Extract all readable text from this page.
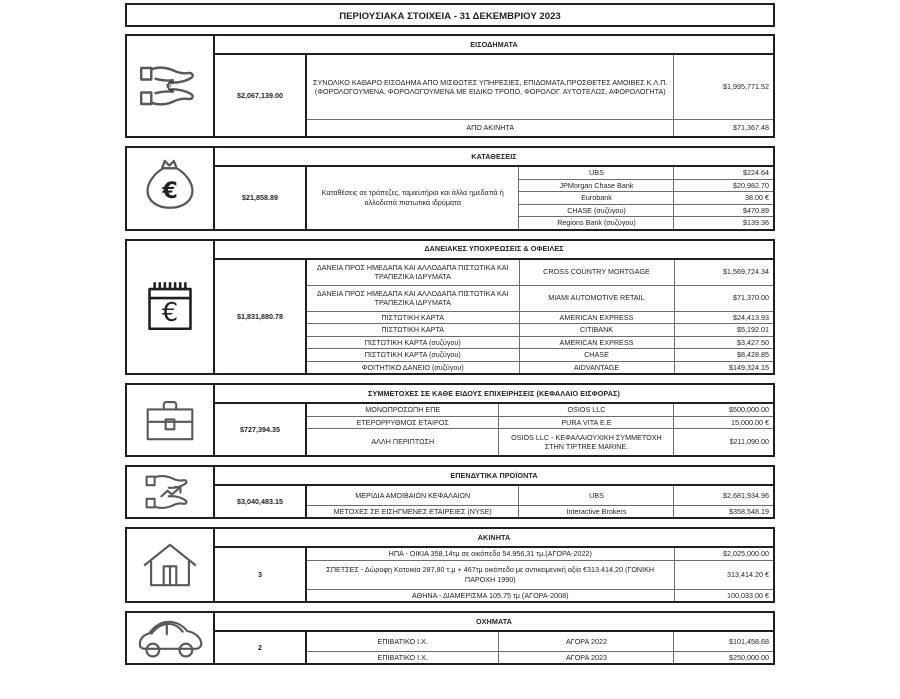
ΠΕΡΙΟΥΣΙΑΚΑ ΣΤΟΙΧΕΙΑ - 31 ΔΕΚΕΜΒΡΙΟΥ 2023
€	ΕΙΣΟΔΗΜΑΤΑ		
	$2,067,139.00	ΣΥΝΟΛΙΚΟ ΚΑΘΑΡΟ ΕΙΣΟΔΗΜΑ ΑΠΟ ΜΙΣΘΩΤΕΣ ΥΠΗΡΕΣΙΕΣ, ΕΠΙΔΟΜΑΤΑ,ΠΡΟΣΘΕΤΕΣ ΑΜΟΙΒΕΣ Κ.Λ.Π.(ΦΟΡΟΛΟΓΟΥΜΕΝΑ, ΦΟΡΟΛΟΓΟΥΜΕΝΑ ΜΕ ΕΙΔΙΚΟ ΤΡΟΠΟ, ΦΟΡΟΛΟΓ. ΑΥΤΟΤΕΛΩΣ, ΑΦΟΡΟΛΟΓΗΤΑ)	$1,995,771.52
		ΑΠΟ ΑΚΙΝΗΤΑ	$71,367.48
€	ΚΑΤΑΘΕΣΕΙΣ			
	$21,858.89	Καταθέσεις σε τράπεζες, ταμιευτήρια και άλλα ημεδαπά ή αλλοδαπά πιστωτικά ιδρύματα	UBS	$224.64
			JPMorgan Chase Bank	$20,982.70
			Eurobank	38.00 €
			CHASE (συζύγου)	$470.89
			Regions Bank (συζύγου)	$139.36
€	ΔΑΝΕΙΑΚΕΣ ΥΠΟΧΡΕΩΣΕΙΣ & ΟΦΕΙΛΕΣ			
	$1,831,880.78	ΔΑΝΕΙΑ ΠΡΟΣ ΗΜΕΔΑΠΑ ΚΑΙ ΑΛΛΟΔΑΠΑ ΠΙΣΤΩΤΙΚΑ ΚΑΙ ΤΡΑΠΕΖΙΚΑ ΙΔΡΥΜΑΤΑ	CROSS COUNTRY MORTGAGE	$1,569,724.34
		ΔΑΝΕΙΑ ΠΡΟΣ ΗΜΕΔΑΠΑ ΚΑΙ ΑΛΛΟΔΑΠΑ ΠΙΣΤΩΤΙΚΑ ΚΑΙ ΤΡΑΠΕΖΙΚΑ ΙΔΡΥΜΑΤΑ	MIAMI AUTOMOTIVE RETAIL	$71,370.00
		ΠΙΣΤΩΤΙΚΗ ΚΑΡΤΑ	AMERICAN EXPRESS	$24,413.93
		ΠΙΣΤΩΤΙΚΗ ΚΑΡΤΑ	CITIBANK	$5,192.01
		ΠΙΣΤΩΤΙΚΗ ΚΑΡΤΑ (συζύγου)	AMERICAN EXPRESS	$3,427.50
		ΠΙΣΤΩΤΙΚΗ ΚΑΡΤΑ (συζύγου)	CHASE	$8,428.85
		ΦΟΙΤΗΤΙΚΟ ΔΑΝΕΙΟ (συζύγου)	AIDVANTAGE	$149,324.15
	ΣΥΜΜΕΤΟΧΕΣ ΣΕ ΚΑΘΕ ΕΙΔΟΥΣ ΕΠΙΧΕΙΡΗΣΕΙΣ (ΚΕΦΑΛΑΙΟ ΕΙΣΦΟΡΑΣ)			
	$727,394.35	ΜΟΝΟΠΡΟΣΩΠΗ ΕΠΕ	OSIOS LLC	$500,000.00
		ΕΤΕΡΟΡΡΥΘΜΟΣ ΕΤΑΙΡΟΣ	PURA VITA Ε.Ε	15,000.00 €
		ΑΛΛΗ ΠΕΡΙΠΤΩΣΗ	OSIOS LLC - ΚΕΦΑΛΑΙΟΥΧΙΚΗ ΣΥΜΜΕΤΟΧΗ ΣΤΗΝ TIPTREE MARINE.	$211,090.00
	ΕΠΕΝΔΥΤΙΚΑ ΠΡΟΪΟΝΤΑ			
	$3,040,483.15	ΜΕΡΙΔΙΑ ΑΜΟΙΒΑΙΩΝ ΚΕΦΑΛΑΙΩΝ	UBS	$2,681,934.96
		ΜΕΤΟΧΕΣ ΣΕ ΕΙΣΗΓΜΕΝΕΣ ΕΤΑΙΡΕΙΕΣ (NYSE)	Interactive Brokers	$358,548.19
	ΑΚΙΝΗΤΑ		
	3	ΗΠΑ - ΟΙΚΙΑ 358,14τμ σε οικόπεδο 54.956,31 τμ.(ΑΓΟΡΑ-2022)	$2,025,000.00
		ΣΠΕΤΣΕΣ - Δώροφη Κατοικία 287,80 τ.μ + 467τμ οικόπεδο με αντικειμενική αξία €313.414,20 (ΓΟΝΙΚΗ ΠΑΡΟΧΗ 1990)	313,414.20 €
		ΑΘΗΝΑ - ΔΙΑΜΕΡΙΣΜΑ 105,75 τμ (ΑΓΟΡΑ-2008)	100,033.00 €
	ΟΧΗΜΑΤΑ			
	2	ΕΠΙΒΑΤΙΚΟ Ι.Χ.	ΑΓΟΡΑ 2022	$101,458.68
		ΕΠΙΒΑΤΙΚΟ Ι.Χ.	ΑΓΟΡΑ 2023	$250,000.00
